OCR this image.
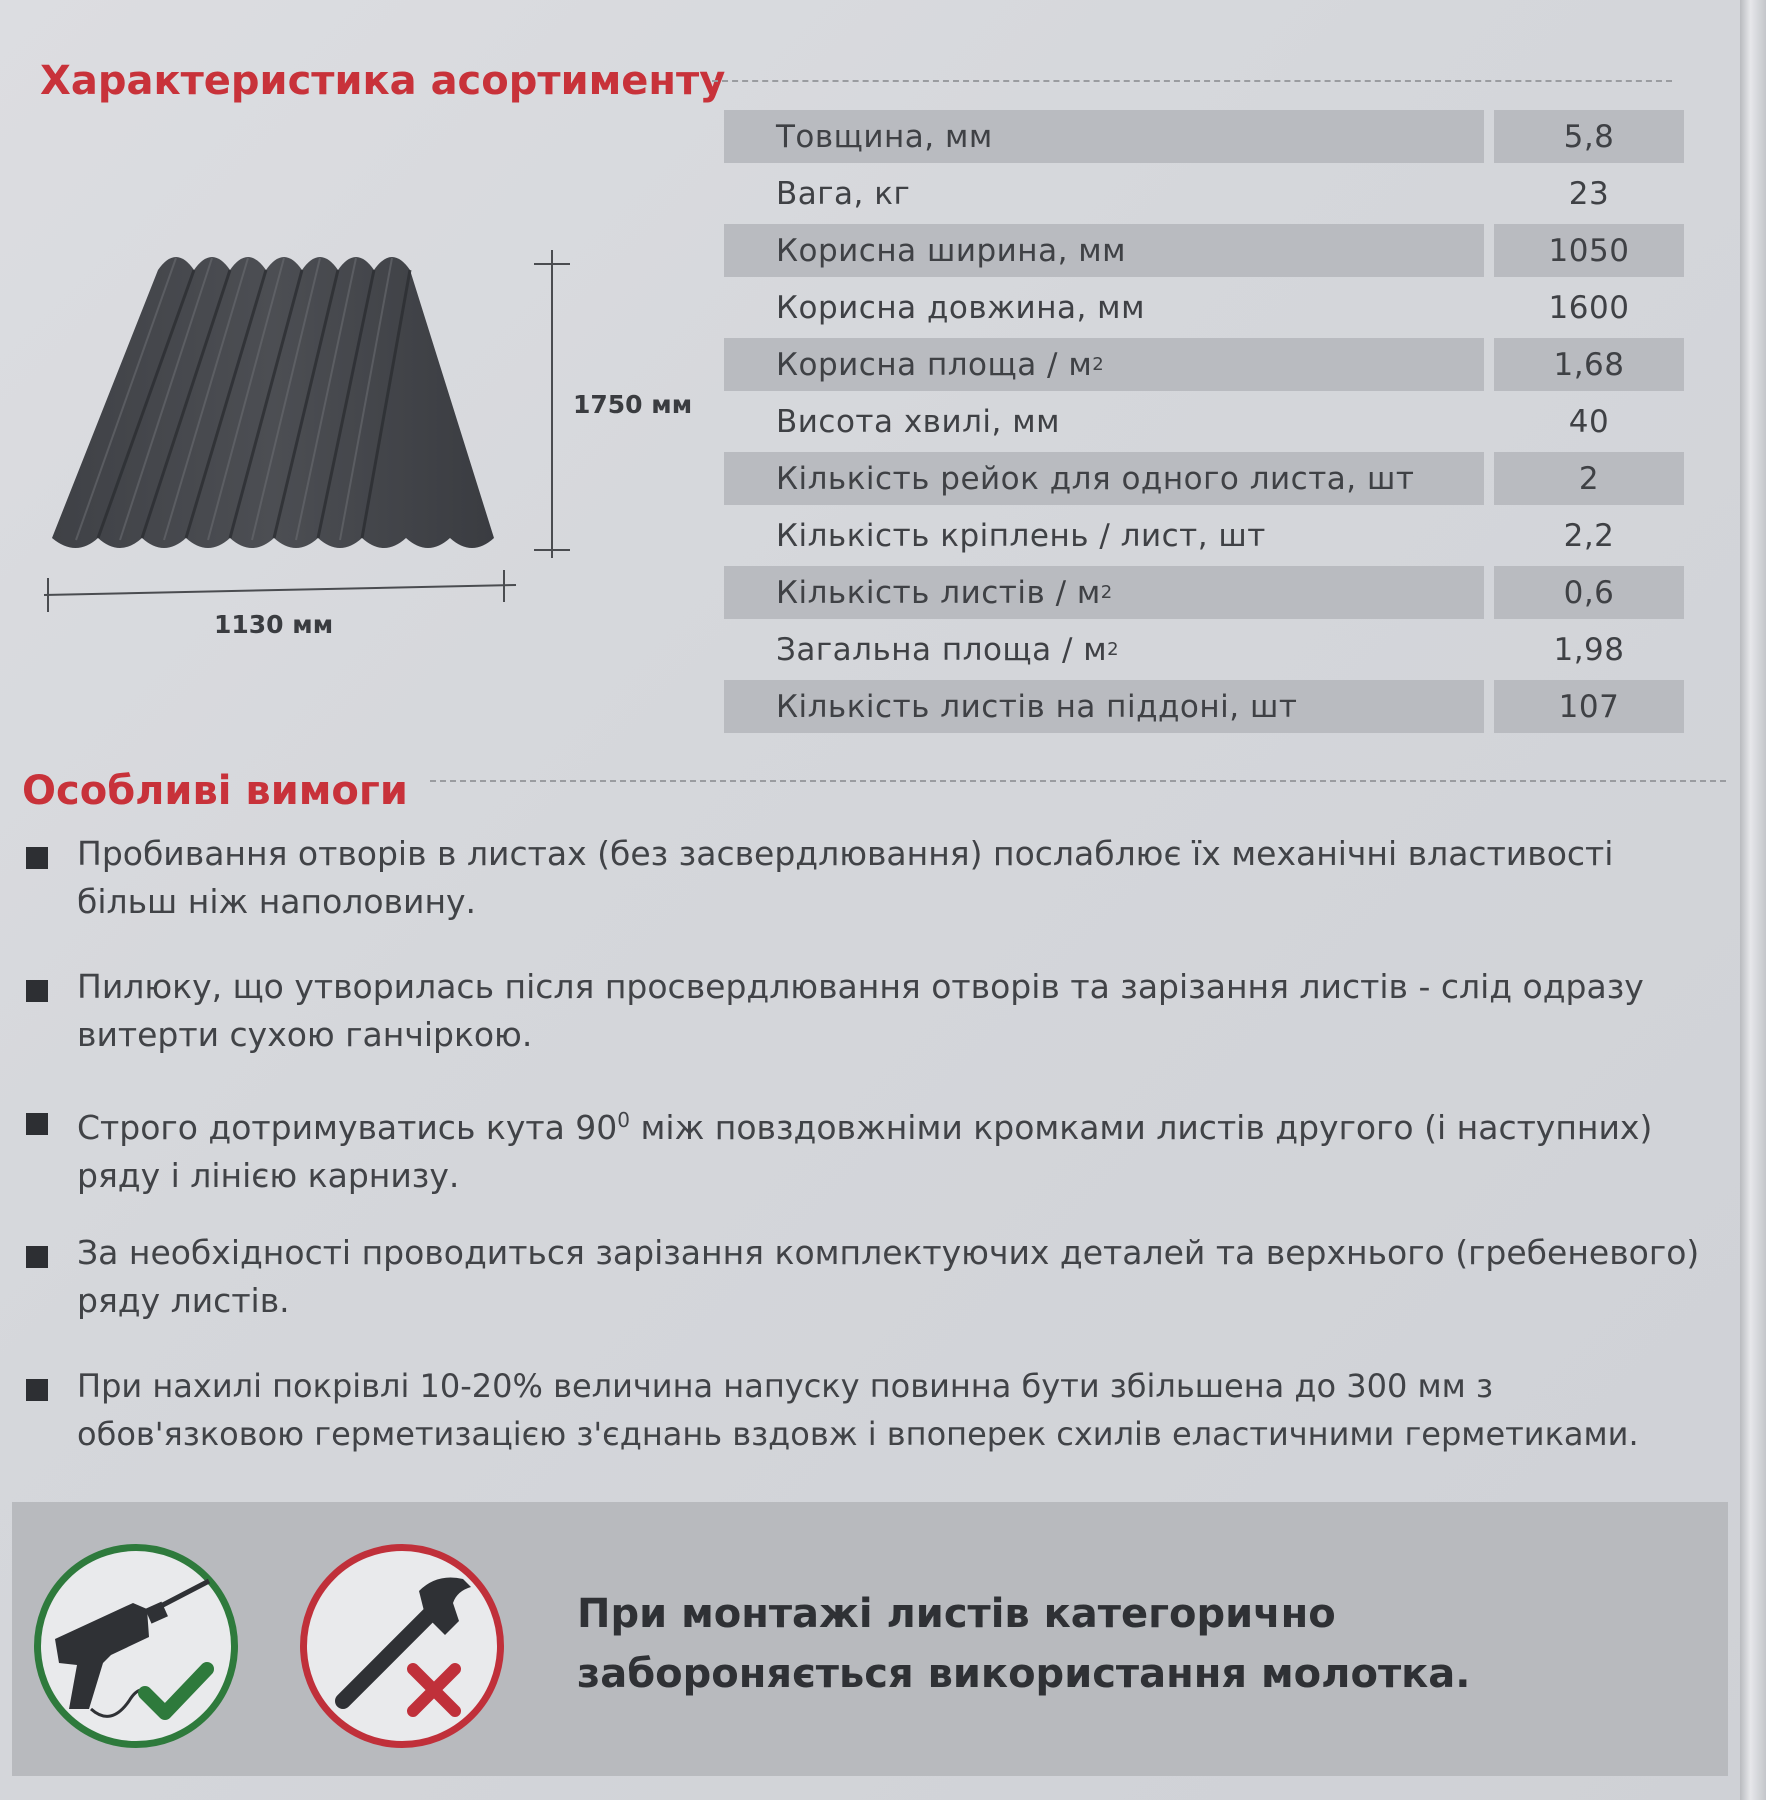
Характеристика асортименту
1750 мм
1130 мм
Товщина, мм	5,8
Вага, кг	23
Корисна ширина, мм	1050
Корисна довжина, мм	1600
Корисна площа / м 2	1,68
Висота хвилі, мм	40
Кількість рейок для одного листа, шт	2
Кількість кріплень / лист, шт	2,2
Кількість листів / м 2	0,6
Загальна площа / м 2	1,98
Кількість листів на піддоні, шт	107
Особливі вимоги
Пробивання отворів в листах (без засвердлювання) послаблює їх механічні властивості
більш ніж наполовину.
Пилюку, що утворилась після просвердлювання отворів та зарізання листів - слід одразу
витерти сухою ганчіркою.
Строго дотримуватись кута $90^0$ між повздовжніми кромками листів другого (і наступних)
ряду і лінією карнизу.
За необхідності проводиться зарізання комплектуючих деталей та верхнього (гребеневого)
ряду листів.
При нахилі покрівлі 10-20% величина напуску повинна бути збільшена до 300 мм з
обов'язковою герметизацією з'єднань вздовж і впоперек схилів еластичними герметиками.
При монтажі листів категорично
забороняється використання молотка.
